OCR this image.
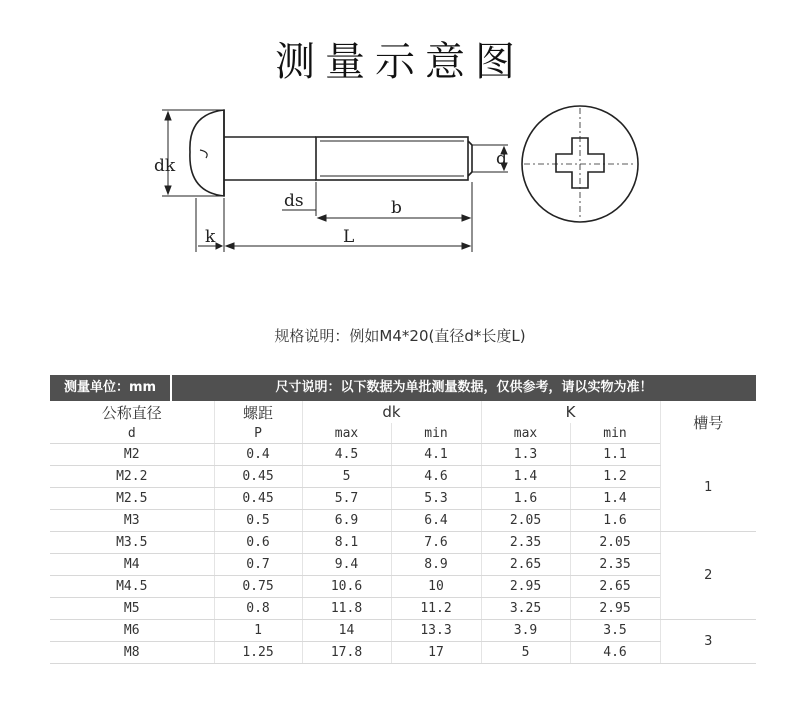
测量示意图
dk	d
ds	b
k	L
规格说明：例如M4*20(直径d*长度L)
测量单位：mm	尺寸说明：以下数据为单批测量数据，仅供参考，请以实物为准！
公称直径	螺距	dk		K		槽号
d	P	max	min	max	min	
M2	0.4	4.5	4.1	1.3	1.1	1
M2.2	0.45	5	4.6	1.4	1.2	
M2.5	0.45	5.7	5.3	1.6	1.4	
M3	0.5	6.9	6.4	2.05	1.6	
M3.5	0.6	8.1	7.6	2.35	2.05	2
M4	0.7	9.4	8.9	2.65	2.35	
M4.5	0.75	10.6	10	2.95	2.65	
M5	0.8	11.8	11.2	3.25	2.95	
M6	1	14	13.3	3.9	3.5	3
M8	1.25	17.8	17	5	4.6	
